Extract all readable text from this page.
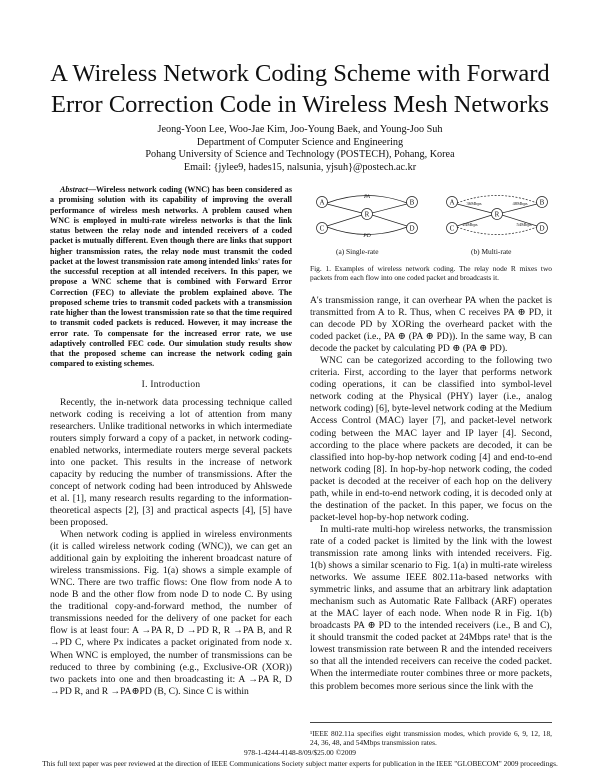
A Wireless Network Coding Scheme with Forward
Error Correction Code in Wireless Mesh Networks
Jeong-Yoon Lee, Woo-Jae Kim, Joo-Young Baek, and Young-Joo Suh
Department of Computer Science and Engineering
Pohang University of Science and Technology (POSTECH), Pohang, Korea
Email: {jylee9, hades15, nalsunia, yjsuh}@postech.ac.kr

Abstract—Wireless network coding (WNC) has been considered as a promising solution with its capability of improving the overall performance of wireless mesh networks. A problem caused when WNC is employed in multi-rate wireless networks is that the link status between the relay node and intended receivers of a coded packet is mutually different. Even though there are links that support higher transmission rates, the relay node must transmit the coded packet at the lowest transmission rate among intended links' rates for the successful reception at all intended receivers. In this paper, we propose a WNC scheme that is combined with Forward Error Correction (FEC) to alleviate the problem explained above. The proposed scheme tries to transmit coded packets with a transmission rate higher than the lowest transmission rate so that the time required to transmit coded packets is reduced. However, it may increase the error rate. To compensate for the increased error rate, we use adaptively controlled FEC code. Our simulation study results show that the proposed scheme can increase the network coding gain compared to existing schemes.

I. Introduction

Recently, the in-network data processing technique called network coding is receiving a lot of attention from many researchers. Unlike traditional networks in which intermediate routers simply forward a copy of a packet, in network coding-enabled networks, intermediate routers merge several packets into one packet. This results in the increase of network capacity by reducing the number of transmissions. After the concept of network coding had been introduced by Ahlswede et al. [1], many research results regarding to the information-theoretical aspects [2], [3] and practical aspects [4], [5] have been proposed.

When network coding is applied in wireless environments (it is called wireless network coding (WNC)), we can get an additional gain by exploiting the inherent broadcast nature of wireless transmissions. Fig. 1(a) shows a simple example of WNC. There are two traffic flows: One flow from node A to node B and the other flow from node D to node C. By using the traditional copy-and-forward method, the number of transmissions needed for the delivery of one packet for each flow is at least four: A →PA R, D →PD R, R →PA B, and R →PD C, where Px indicates a packet originated from node x. When WNC is employed, the number of transmissions can be reduced to three by combining (e.g., Exclusive-OR (XOR)) two packets into one and then broadcasting it: A →PA R, D →PD R, and R →PA⊕PD (B, C). Since C is within

A	B
C	D
R
PA
PD
A	B
C	D
R
36Mbps	48Mbps
24Mbps	54Mbps
(a) Single-rate	(b) Multi-rate
Fig. 1. Examples of wireless network coding. The relay node R mixes two packets from each flow into one coded packet and broadcasts it.

A's transmission range, it can overhear PA when the packet is transmitted from A to R. Thus, when C receives PA ⊕ PD, it can decode PD by XORing the overheard packet with the coded packet (i.e., PA ⊕ (PA ⊕ PD)). In the same way, B can decode the packet by calculating PD ⊕ (PA ⊕ PD).

WNC can be categorized according to the following two criteria. First, according to the layer that performs network coding operations, it can be classified into symbol-level network coding at the Physical (PHY) layer (i.e., analog network coding) [6], byte-level network coding at the Medium Access Control (MAC) layer [7], and packet-level network coding between the MAC layer and IP layer [4]. Second, according to the place where packets are decoded, it can be classified into hop-by-hop network coding [4] and end-to-end network coding [8]. In hop-by-hop network coding, the coded packet is decoded at the receiver of each hop on the delivery path, while in end-to-end network coding, it is decoded only at the destination of the packet. In this paper, we focus on the packet-level hop-by-hop network coding.

In multi-rate multi-hop wireless networks, the transmission rate of a coded packet is limited by the link with the lowest transmission rate among links with intended receivers. Fig. 1(b) shows a similar scenario to Fig. 1(a) in multi-rate wireless networks. We assume IEEE 802.11a-based networks with symmetric links, and assume that an arbitrary link adaptation mechanism such as Automatic Rate Fallback (ARF) operates at the MAC layer of each node. When node R in Fig. 1(b) broadcasts PA ⊕ PD to the intended receivers (i.e., B and C), it should transmit the coded packet at 24Mbps rate¹ that is the lowest transmission rate between R and the intended receivers so that all the intended receivers can receive the coded packet. When the intermediate router combines three or more packets, this problem becomes more serious since the link with the

¹IEEE 802.11a specifies eight transmission modes, which provide 6, 9, 12, 18, 24, 36, 48, and 54Mbps transmission rates.
978-1-4244-4148-8/09/$25.00 ©2009
This full text paper was peer reviewed at the direction of IEEE Communications Society subject matter experts for publication in the IEEE "GLOBECOM" 2009 proceedings.
